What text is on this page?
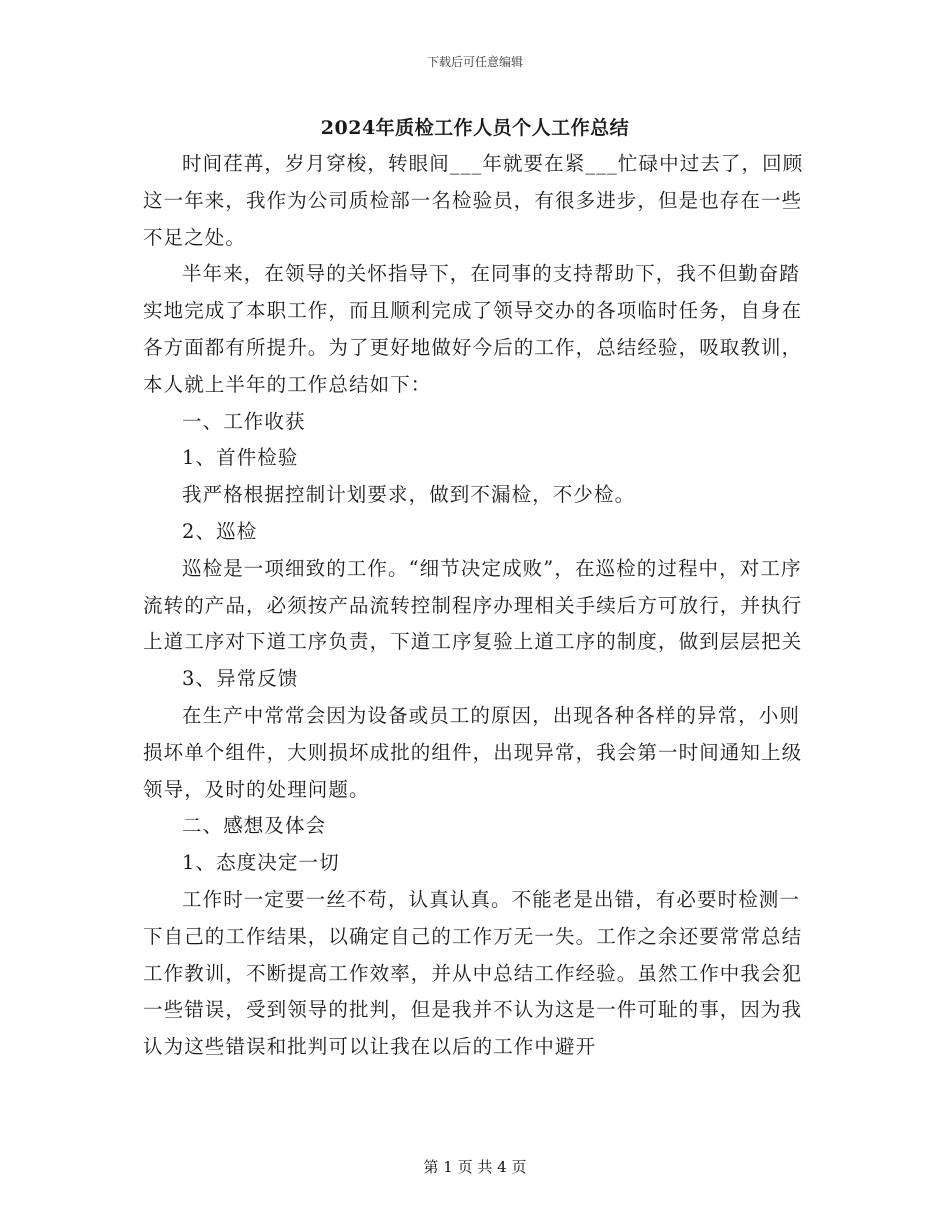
下载后可任意编辑
2024年质检工作人员个人工作总结

时间荏苒，岁月穿梭，转眼间___年就要在紧___忙碌中过去了，回顾这一年来，我作为公司质检部一名检验员，有很多进步，但是也存在一些不足之处。

半年来，在领导的关怀指导下，在同事的支持帮助下，我不但勤奋踏实地完成了本职工作，而且顺利完成了领导交办的各项临时任务，自身在各方面都有所提升。为了更好地做好今后的工作，总结经验，吸取教训，本人就上半年的工作总结如下：

一、工作收获

1、首件检验

我严格根据控制计划要求，做到不漏检，不少检。

2、巡检

巡检是一项细致的工作。“细节决定成败”，在巡检的过程中，对工序流转的产品，必须按产品流转控制程序办理相关手续后方可放行，并执行上道工序对下道工序负责，下道工序复验上道工序的制度，做到层层把关

3、异常反馈

在生产中常常会因为设备或员工的原因，出现各种各样的异常，小则损坏单个组件，大则损坏成批的组件，出现异常，我会第一时间通知上级领导，及时的处理问题。

二、感想及体会

1、态度决定一切

工作时一定要一丝不苟，认真认真。不能老是出错，有必要时检测一下自己的工作结果，以确定自己的工作万无一失。工作之余还要常常总结工作教训，不断提高工作效率，并从中总结工作经验。虽然工作中我会犯一些错误，受到领导的批判，但是我并不认为这是一件可耻的事，因为我认为这些错误和批判可以让我在以后的工作中避开

第 1 页 共 4 页
